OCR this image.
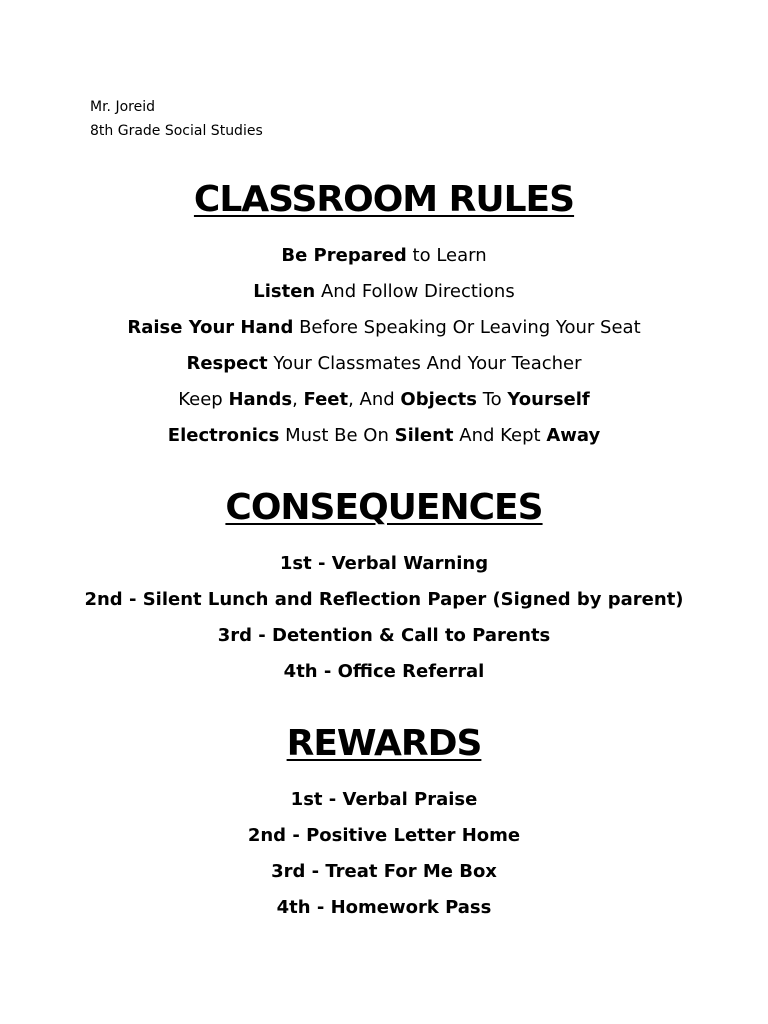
Mr. Joreid
8th Grade Social Studies
CLASSROOM RULES
Be Prepared to Learn
Listen And Follow Directions
Raise Your Hand Before Speaking Or Leaving Your Seat
Respect Your Classmates And Your Teacher
Keep Hands, Feet, And Objects To Yourself
Electronics Must Be On Silent And Kept Away
CONSEQUENCES
1st - Verbal Warning
2nd - Silent Lunch and Reflection Paper (Signed by parent)
3rd - Detention & Call to Parents
4th - Office Referral
REWARDS
1st - Verbal Praise
2nd - Positive Letter Home
3rd - Treat For Me Box
4th - Homework Pass
